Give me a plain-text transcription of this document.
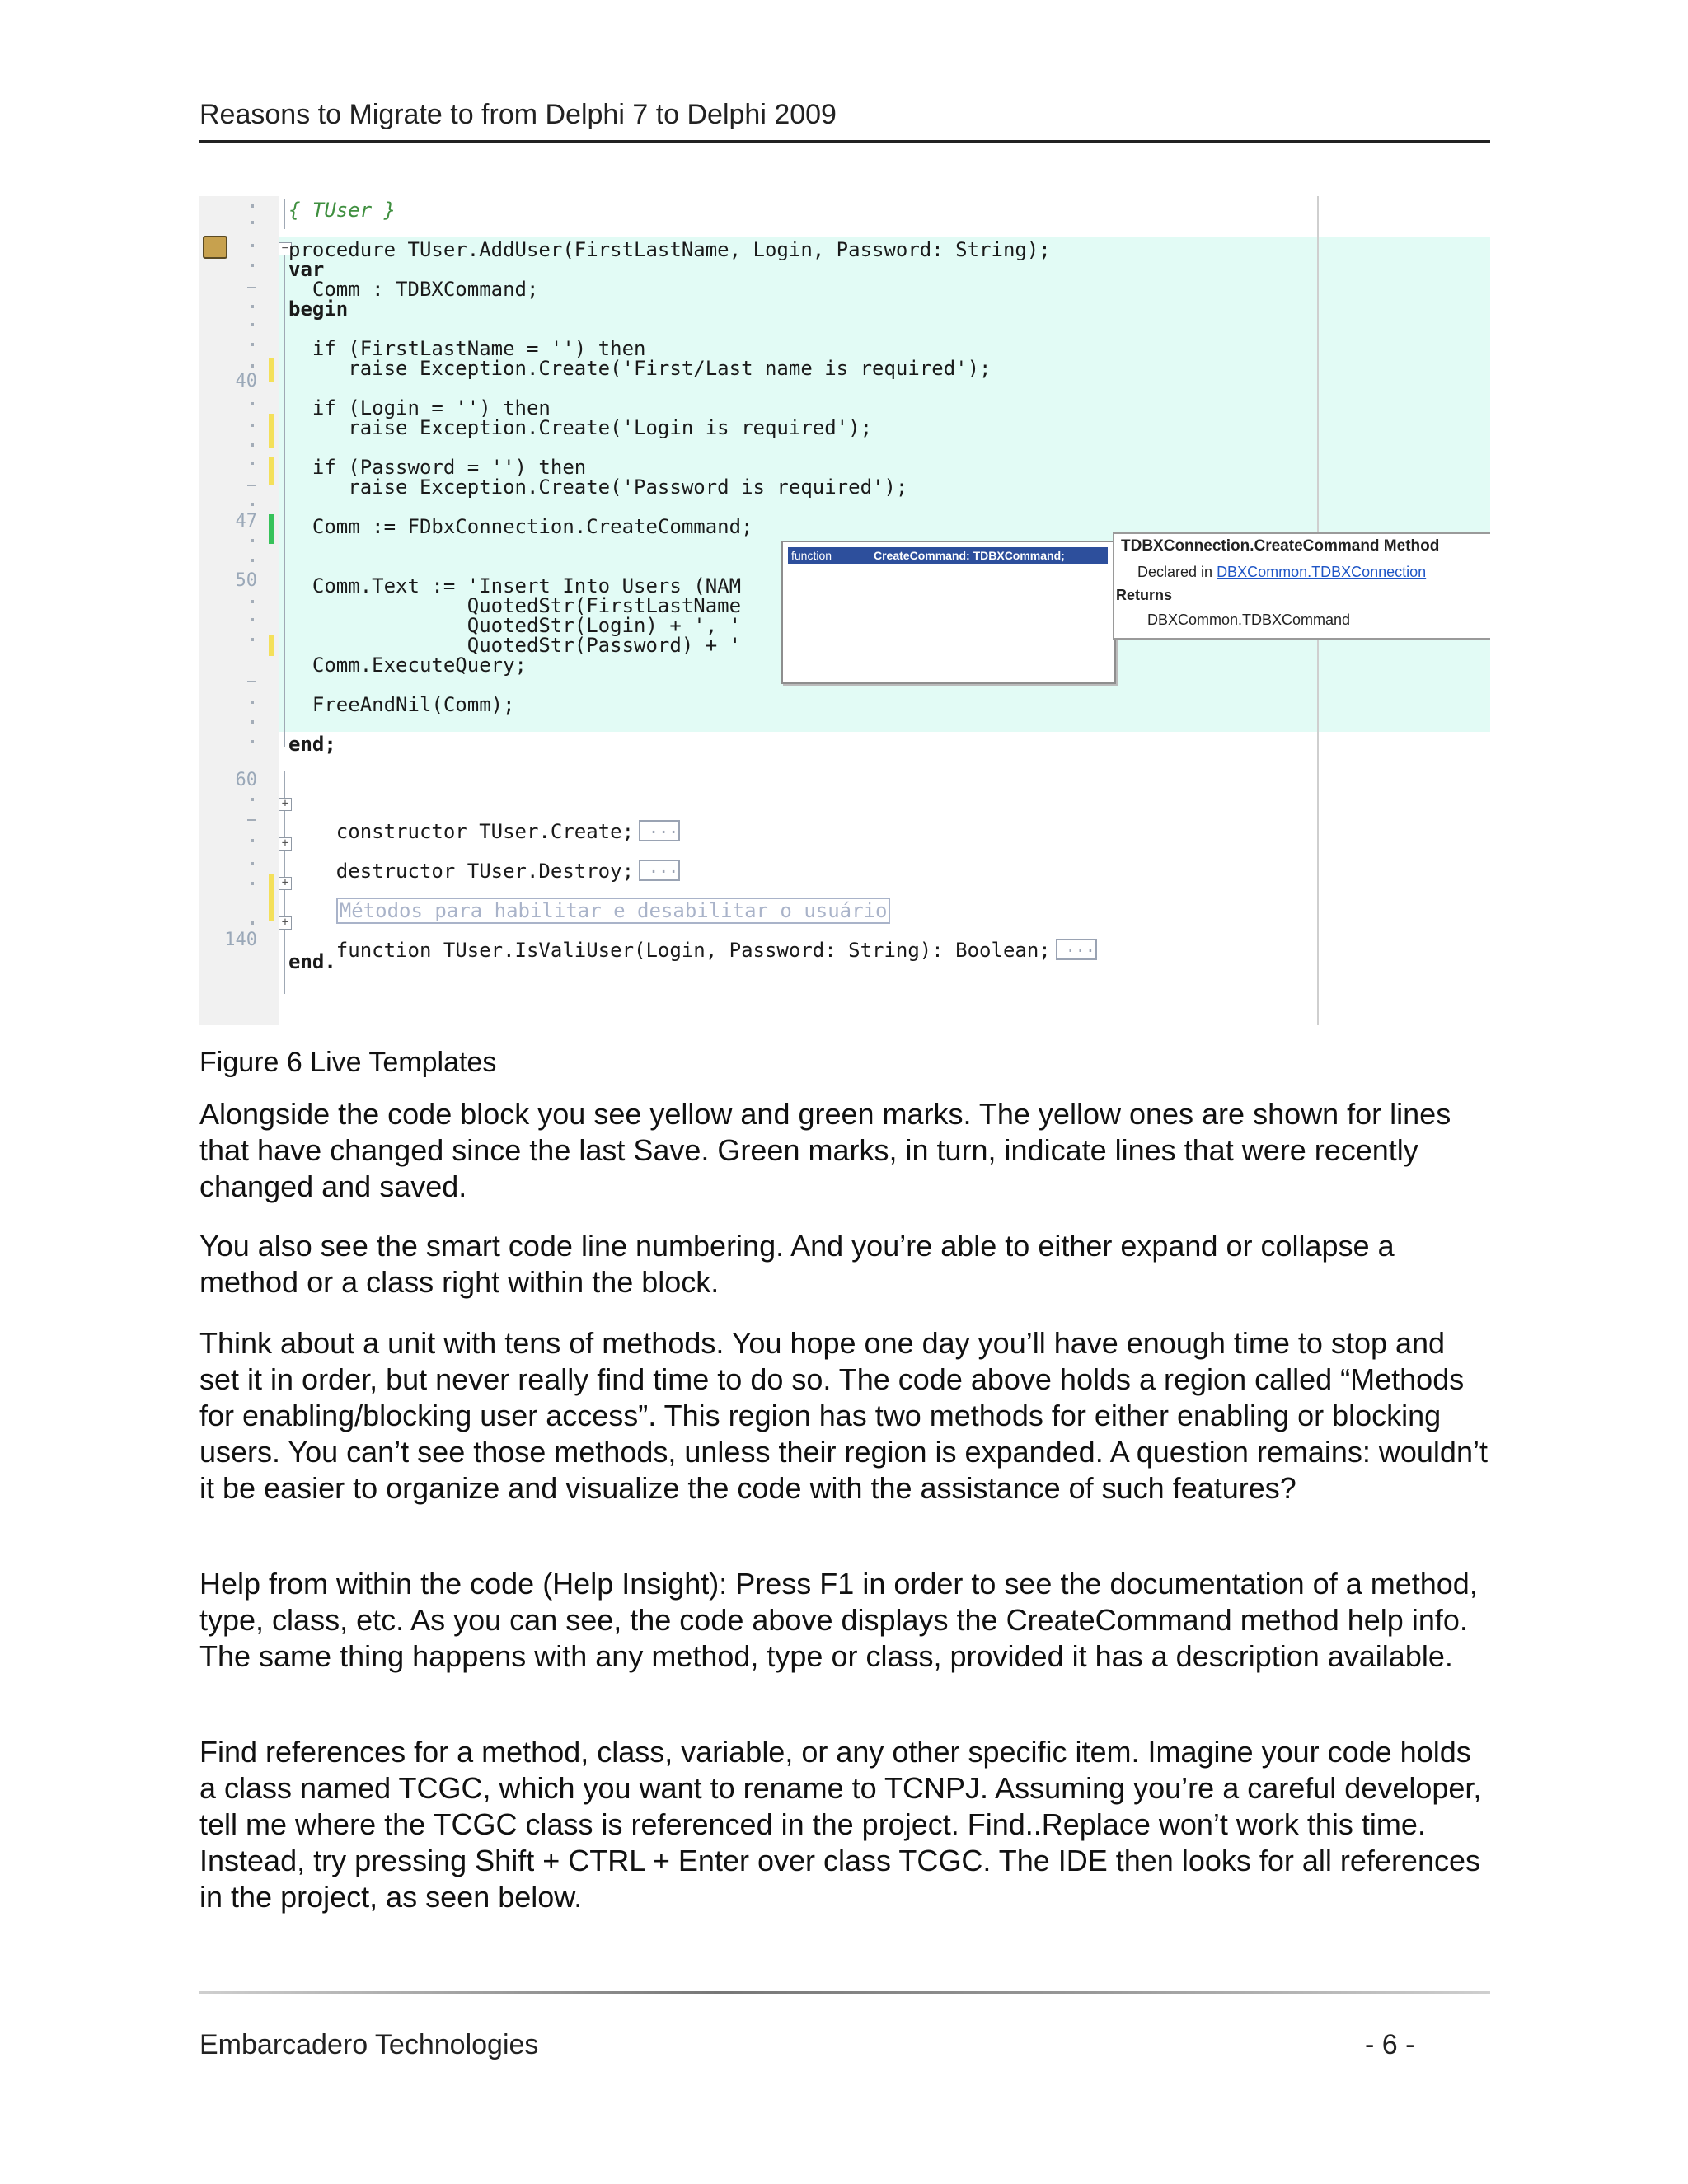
Reasons to Migrate to from Delphi 7 to Delphi 2009
40
47
50
60
140
−
+
+
+
+
{ TUser }
procedure TUser.AddUser(FirstLastName, Login, Password: String);
var
Comm : TDBXCommand;
begin
if (FirstLastName = '') then
raise Exception.Create('First/Last name is required');
if (Login = '') then
raise Exception.Create('Login is required');
if (Password = '') then
raise Exception.Create('Password is required');
Comm := FDbxConnection.CreateCommand;
Comm.Text := 'Insert Into Users (NAM
QuotedStr(FirstLastName
QuotedStr(Login) + ', '
QuotedStr(Password) + '
Comm.ExecuteQuery;
FreeAndNil(Comm);
end;

constructor TUser.Create; ...

destructor TUser.Destroy; ...

Métodos para habilitar e desabilitar o usuário

function TUser.IsValiUser(Login, Password: String): Boolean; ...

end.
function	CreateCommand: TDBXCommand;
TDBXConnection.CreateCommand Method
Declared in DBXCommon.TDBXConnection
Returns
DBXCommon.TDBXCommand
Figure 6 Live Templates

Alongside the code block you see yellow and green marks. The yellow ones are shown for lines that have changed since the last Save. Green marks, in turn, indicate lines that were recently changed and saved.

You also see the smart code line numbering. And you’re able to either expand or collapse a method or a class right within the block.

Think about a unit with tens of methods. You hope one day you’ll have enough time to stop and set it in order, but never really find time to do so. The code above holds a region called “Methods for enabling/blocking user access”. This region has two methods for either enabling or blocking users. You can’t see those methods, unless their region is expanded. A question remains: wouldn’t it be easier to organize and visualize the code with the assistance of such features?

Help from within the code (Help Insight): Press F1 in order to see the documentation of a method, type, class, etc. As you can see, the code above displays the CreateCommand method help info. The same thing happens with any method, type or class, provided it has a description available.

Find references for a method, class, variable, or any other specific item. Imagine your code holds a class named TCGC, which you want to rename to TCNPJ. Assuming you’re a careful developer, tell me where the TCGC class is referenced in the project. Find..Replace won’t work this time. Instead, try pressing Shift + CTRL + Enter over class TCGC. The IDE then looks for all references in the project, as seen below.

Embarcadero Technologies	- 6 -
